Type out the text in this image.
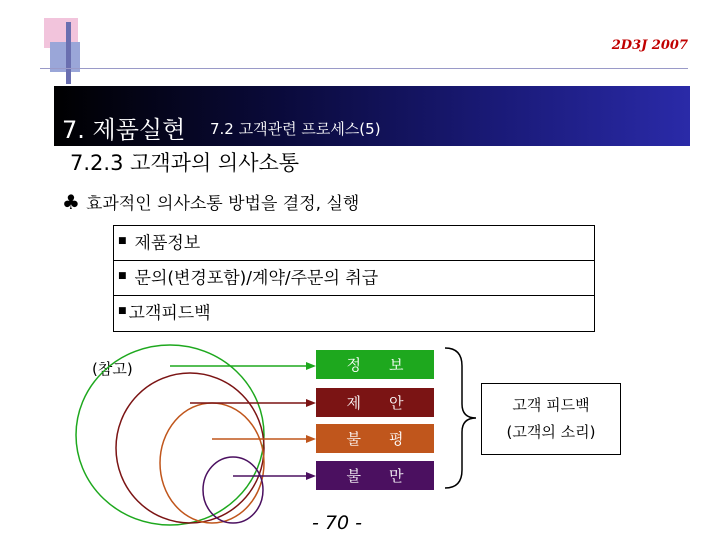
2D3J 2007
7. 제품실현 7.2 고객관련 프로세스(5)
7.2.3 고객과의 의사소통
♣ 효과적인 의사소통 방법을 결정, 실행
■ 제품정보
■ 문의(변경포함)/계약/주문의 취급
■ 고객피드백
(참고)	정 보
제 안
불 평
불 만
고객 피드백
(고객의 소리)
- 70 -
